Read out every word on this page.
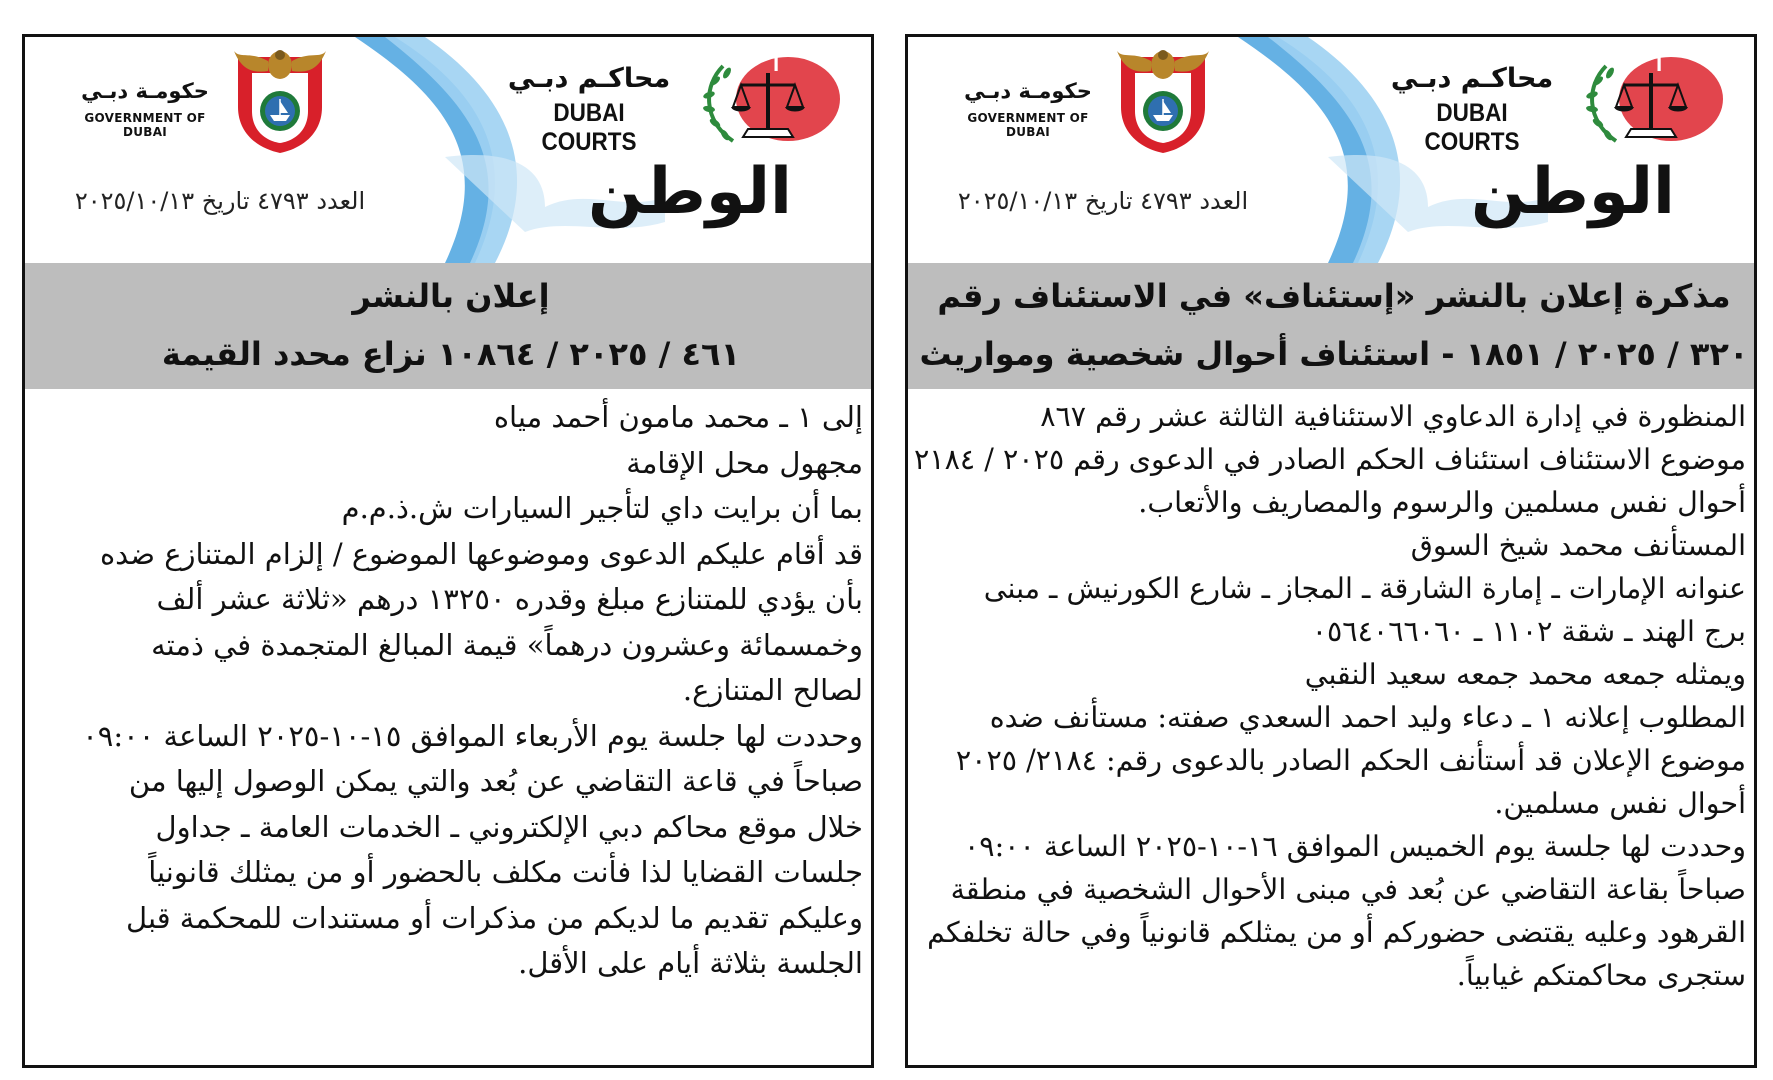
حكومـة دبـي
GOVERNMENT OF DUBAI
محاكـم دبـي
DUBAI COURTS
أ
العدد ٤٧٩٣ تاريخ ٢٠٢٥/١٠/١٣	الوطن
إعلان بالنشر
٤٦١ / ٢٠٢٥ / ١٠٨٦٤ نزاع محدد القيمة

إلى ١ ـ محمد مامون أحمد مياه

مجهول محل الإقامة

بما أن برايت داي لتأجير السيارات ش.ذ.م.م

قد أقام عليكم الدعوى وموضوعها الموضوع / إلزام المتنازع ضده

بأن يؤدي للمتنازع مبلغ وقدره ١٣٢٥٠ درهم «ثلاثة عشر ألف

وخمسمائة وعشرون درهماً» قيمة المبالغ المتجمدة في ذمته

لصالح المتنازع.

وحددت لها جلسة يوم الأربعاء الموافق ١٥-١٠-٢٠٢٥ الساعة ٠٩:٠٠

صباحاً في قاعة التقاضي عن بُعد والتي يمكن الوصول إليها من

خلال موقع محاكم دبي الإلكتروني ـ الخدمات العامة ـ جداول

جلسات القضايا لذا فأنت مكلف بالحضور أو من يمثلك قانونياً

وعليكم تقديم ما لديكم من مذكرات أو مستندات للمحكمة قبل

الجلسة بثلاثة أيام على الأقل.

حكومـة دبـي
GOVERNMENT OF DUBAI
محاكـم دبـي
DUBAI COURTS
أ
العدد ٤٧٩٣ تاريخ ٢٠٢٥/١٠/١٣	الوطن
مذكرة إعلان بالنشر «إستئناف» في الاستئناف رقم
٣٢٠ / ٢٠٢٥ / ١٨٥١ - استئناف أحوال شخصية ومواريث

المنظورة في إدارة الدعاوي الاستئنافية الثالثة عشر رقم ٨٦٧

موضوع الاستئناف استئناف الحكم الصادر في الدعوى رقم ٢٠٢٥ / ٢١٨٤

أحوال نفس مسلمين والرسوم والمصاريف والأتعاب.

المستأنف محمد شيخ السوق

عنوانه الإمارات ـ إمارة الشارقة ـ المجاز ـ شارع الكورنيش ـ مبنى

برج الهند ـ شقة ١١٠٢ ـ ٠٥٦٤٠٦٦٠٦٠

ويمثله جمعه محمد جمعه سعيد النقبي

المطلوب إعلانه ١ ـ دعاء وليد احمد السعدي صفته: مستأنف ضده

موضوع الإعلان قد أستأنف الحكم الصادر بالدعوى رقم: ٢١٨٤/ ٢٠٢٥

أحوال نفس مسلمين.

وحددت لها جلسة يوم الخميس الموافق ١٦-١٠-٢٠٢٥ الساعة ٠٩:٠٠

صباحاً بقاعة التقاضي عن بُعد في مبنى الأحوال الشخصية في منطقة

القرهود وعليه يقتضى حضوركم أو من يمثلكم قانونياً وفي حالة تخلفكم

ستجرى محاكمتكم غيابياً.
